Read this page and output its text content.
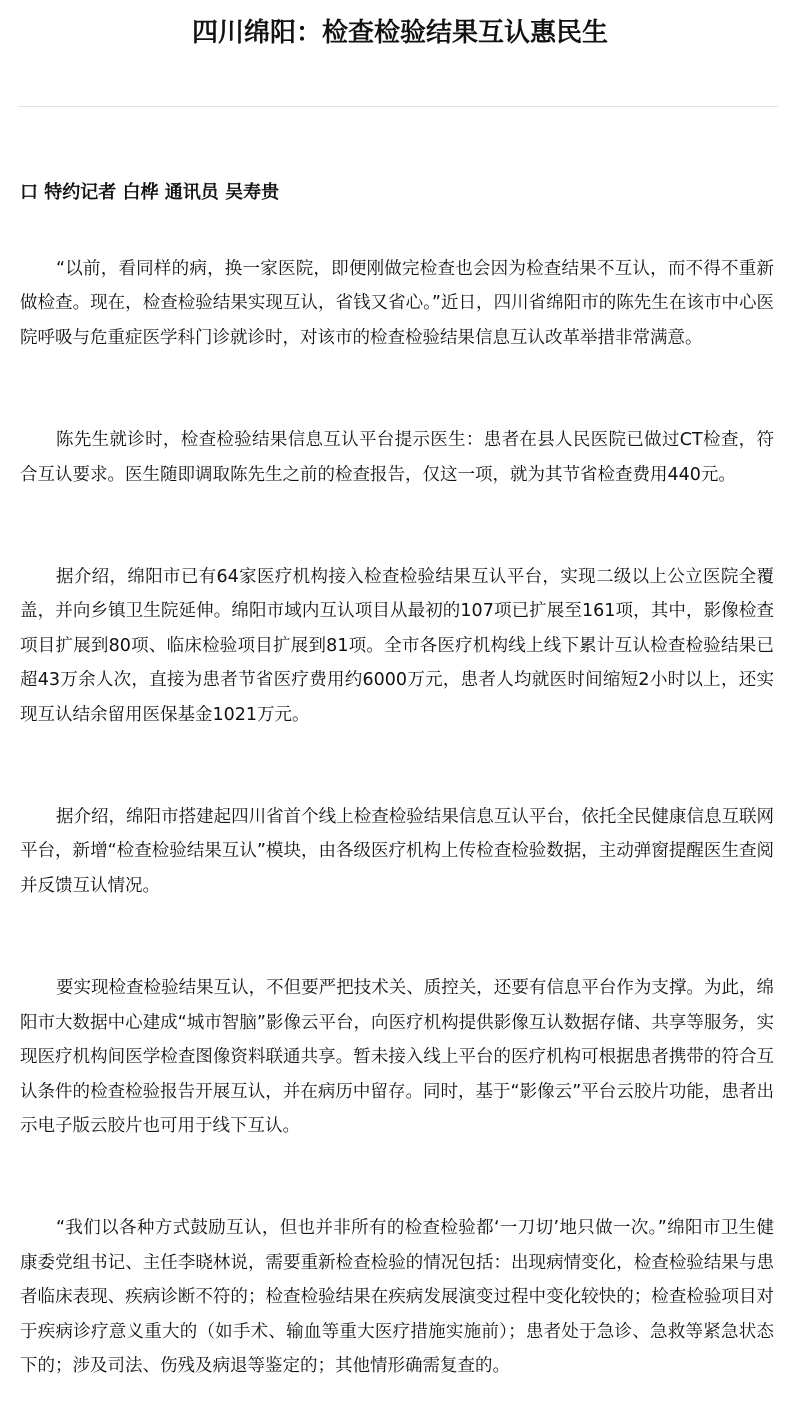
四川绵阳：检查检验结果互认惠民生
口 特约记者 白桦 通讯员 吴寿贵

“以前，看同样的病，换一家医院，即便刚做完检查也会因为检查结果不互认，而不得不重新做检查。现在，检查检验结果实现互认，省钱又省心。”近日，四川省绵阳市的陈先生在该市中心医院呼吸与危重症医学科门诊就诊时，对该市的检查检验结果信息互认改革举措非常满意。

陈先生就诊时，检查检验结果信息互认平台提示医生：患者在县人民医院已做过CT检查，符合互认要求。医生随即调取陈先生之前的检查报告，仅这一项，就为其节省检查费用440元。

据介绍，绵阳市已有64家医疗机构接入检查检验结果互认平台，实现二级以上公立医院全覆盖，并向乡镇卫生院延伸。绵阳市域内互认项目从最初的107项已扩展至161项，其中，影像检查项目扩展到80项、临床检验项目扩展到81项。全市各医疗机构线上线下累计互认检查检验结果已超43万余人次，直接为患者节省医疗费用约6000万元，患者人均就医时间缩短2小时以上，还实现互认结余留用医保基金1021万元。

据介绍，绵阳市搭建起四川省首个线上检查检验结果信息互认平台，依托全民健康信息互联网平台，新增“检查检验结果互认”模块，由各级医疗机构上传检查检验数据，主动弹窗提醒医生查阅并反馈互认情况。

要实现检查检验结果互认，不但要严把技术关、质控关，还要有信息平台作为支撑。为此，绵阳市大数据中心建成“城市智脑”影像云平台，向医疗机构提供影像互认数据存储、共享等服务，实现医疗机构间医学检查图像资料联通共享。暂未接入线上平台的医疗机构可根据患者携带的符合互认条件的检查检验报告开展互认，并在病历中留存。同时，基于“影像云”平台云胶片功能，患者出示电子版云胶片也可用于线下互认。

“我们以各种方式鼓励互认，但也并非所有的检查检验都‘一刀切’地只做一次。”绵阳市卫生健康委党组书记、主任李晓林说，需要重新检查检验的情况包括：出现病情变化，检查检验结果与患者临床表现、疾病诊断不符的；检查检验结果在疾病发展演变过程中变化较快的；检查检验项目对于疾病诊疗意义重大的（如手术、输血等重大医疗措施实施前）；患者处于急诊、急救等紧急状态下的；涉及司法、伤残及病退等鉴定的；其他情形确需复查的。
